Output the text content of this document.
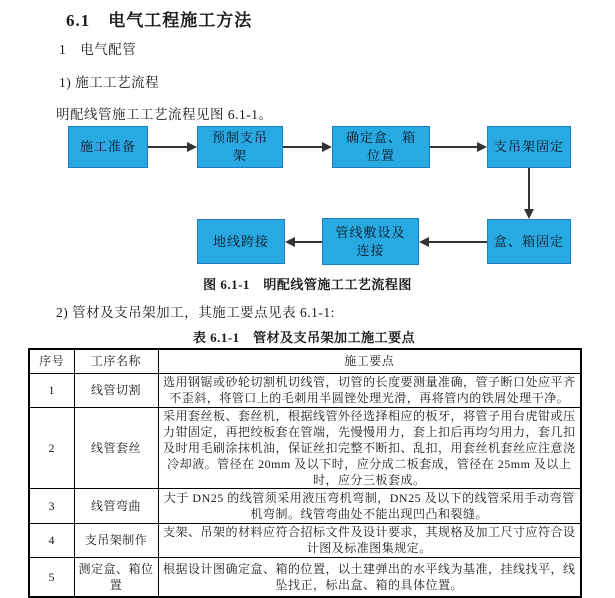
6.1　电气工程施工方法
1　电气配管
1) 施工工艺流程
明配线管施工工艺流程见图 6.1-1。
施工准备
预制支吊架
确定盒、箱位置
支吊架固定
盒、箱固定
管线敷设及连接
地线跨接
图 6.1-1　明配线管施工工艺流程图
2) 管材及支吊架加工，其施工要点见表 6.1-1:
表 6.1-1　管材及支吊架加工施工要点
序号	工序名称	施工要点
1	线管切割	选用钢锯或砂轮切割机切线管，切管的长度要测量准确，管子断口处应平齐不歪斜，将管口上的毛刺用半圆锉处理光滑，再将管内的铁屑处理干净。
2	线管套丝	采用套丝板、套丝机，根据线管外径选择相应的板牙，将管子用台虎钳或压力钳固定，再把绞板套在管端，先慢慢用力，套上扣后再均匀用力，套几扣及时用毛刷涂抹机油，保证丝扣完整不断扣、乱扣，用套丝机套丝应注意浇冷却液。管径在 20mm 及以下时，应分成二板套成，管径在 25mm 及以上时，应分三板套成。
3	线管弯曲	大于 DN25 的线管须采用液压弯机弯制，DN25 及以下的线管采用手动弯管机弯制。线管弯曲处不能出现凹凸和裂缝。
4	支吊架制作	支架、吊架的材料应符合招标文件及设计要求，其规格及加工尺寸应符合设计图及标准图集规定。
5	测定盒、箱位置	根据设计图确定盒、箱的位置，以土建弹出的水平线为基准，挂线找平，线坠找正，标出盒、箱的具体位置。
